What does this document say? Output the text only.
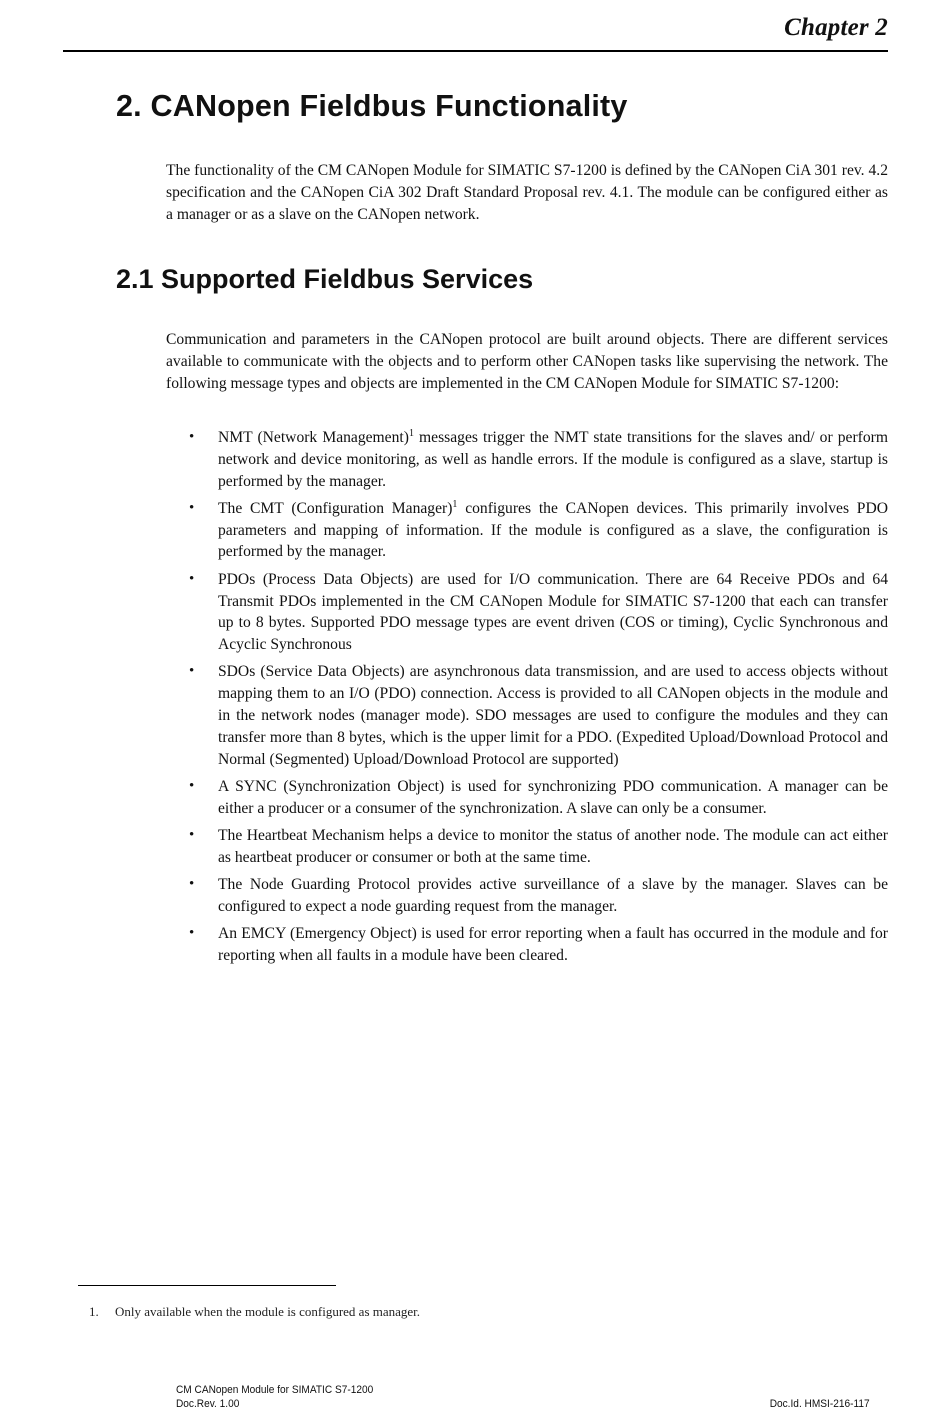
Chapter 2
2. CANopen Fieldbus Functionality

The functionality of the CM CANopen Module for SIMATIC S7-1200 is defined by the CANopen CiA 301 rev. 4.2 specification and the CANopen CiA 302 Draft Standard Proposal rev. 4.1. The module can be configured either as a manager or as a slave on the CANopen network.

2.1 Supported Fieldbus Services

Communication and parameters in the CANopen protocol are built around objects. There are different services available to communicate with the objects and to perform other CANopen tasks like supervising the network. The following message types and objects are implemented in the CM CANopen Module for SIMATIC S7-1200:

• NMT (Network Management)$^1$ messages trigger the NMT state transitions for the slaves and/ or perform network and device monitoring, as well as handle errors. If the module is configured as a slave, startup is performed by the manager.
• The CMT (Configuration Manager)$^1$ configures the CANopen devices. This primarily involves PDO parameters and mapping of information. If the module is configured as a slave, the configuration is performed by the manager.
• PDOs (Process Data Objects) are used for I/O communication. There are 64 Receive PDOs and 64 Transmit PDOs implemented in the CM CANopen Module for SIMATIC S7-1200 that each can transfer up to 8 bytes. Supported PDO message types are event driven (COS or timing), Cyclic Synchronous and Acyclic Synchronous
• SDOs (Service Data Objects) are asynchronous data transmission, and are used to access objects without mapping them to an I/O (PDO) connection. Access is provided to all CANopen objects in the module and in the network nodes (manager mode). SDO messages are used to configure the modules and they can transfer more than 8 bytes, which is the upper limit for a PDO. (Expedited Upload/Download Protocol and Normal (Segmented) Upload/Download Protocol are supported)
• A SYNC (Synchronization Object) is used for synchronizing PDO communication. A manager can be either a producer or a consumer of the synchronization. A slave can only be a consumer.
• The Heartbeat Mechanism helps a device to monitor the status of another node. The module can act either as heartbeat producer or consumer or both at the same time.
• The Node Guarding Protocol provides active surveillance of a slave by the manager. Slaves can be configured to expect a node guarding request from the manager.
• An EMCY (Emergency Object) is used for error reporting when a fault has occurred in the module and for reporting when all faults in a module have been cleared.
1. Only available when the module is configured as manager.
CM CANopen Module for SIMATIC S7-1200
Doc.Rev. 1.00	Doc.Id. HMSI-216-117
